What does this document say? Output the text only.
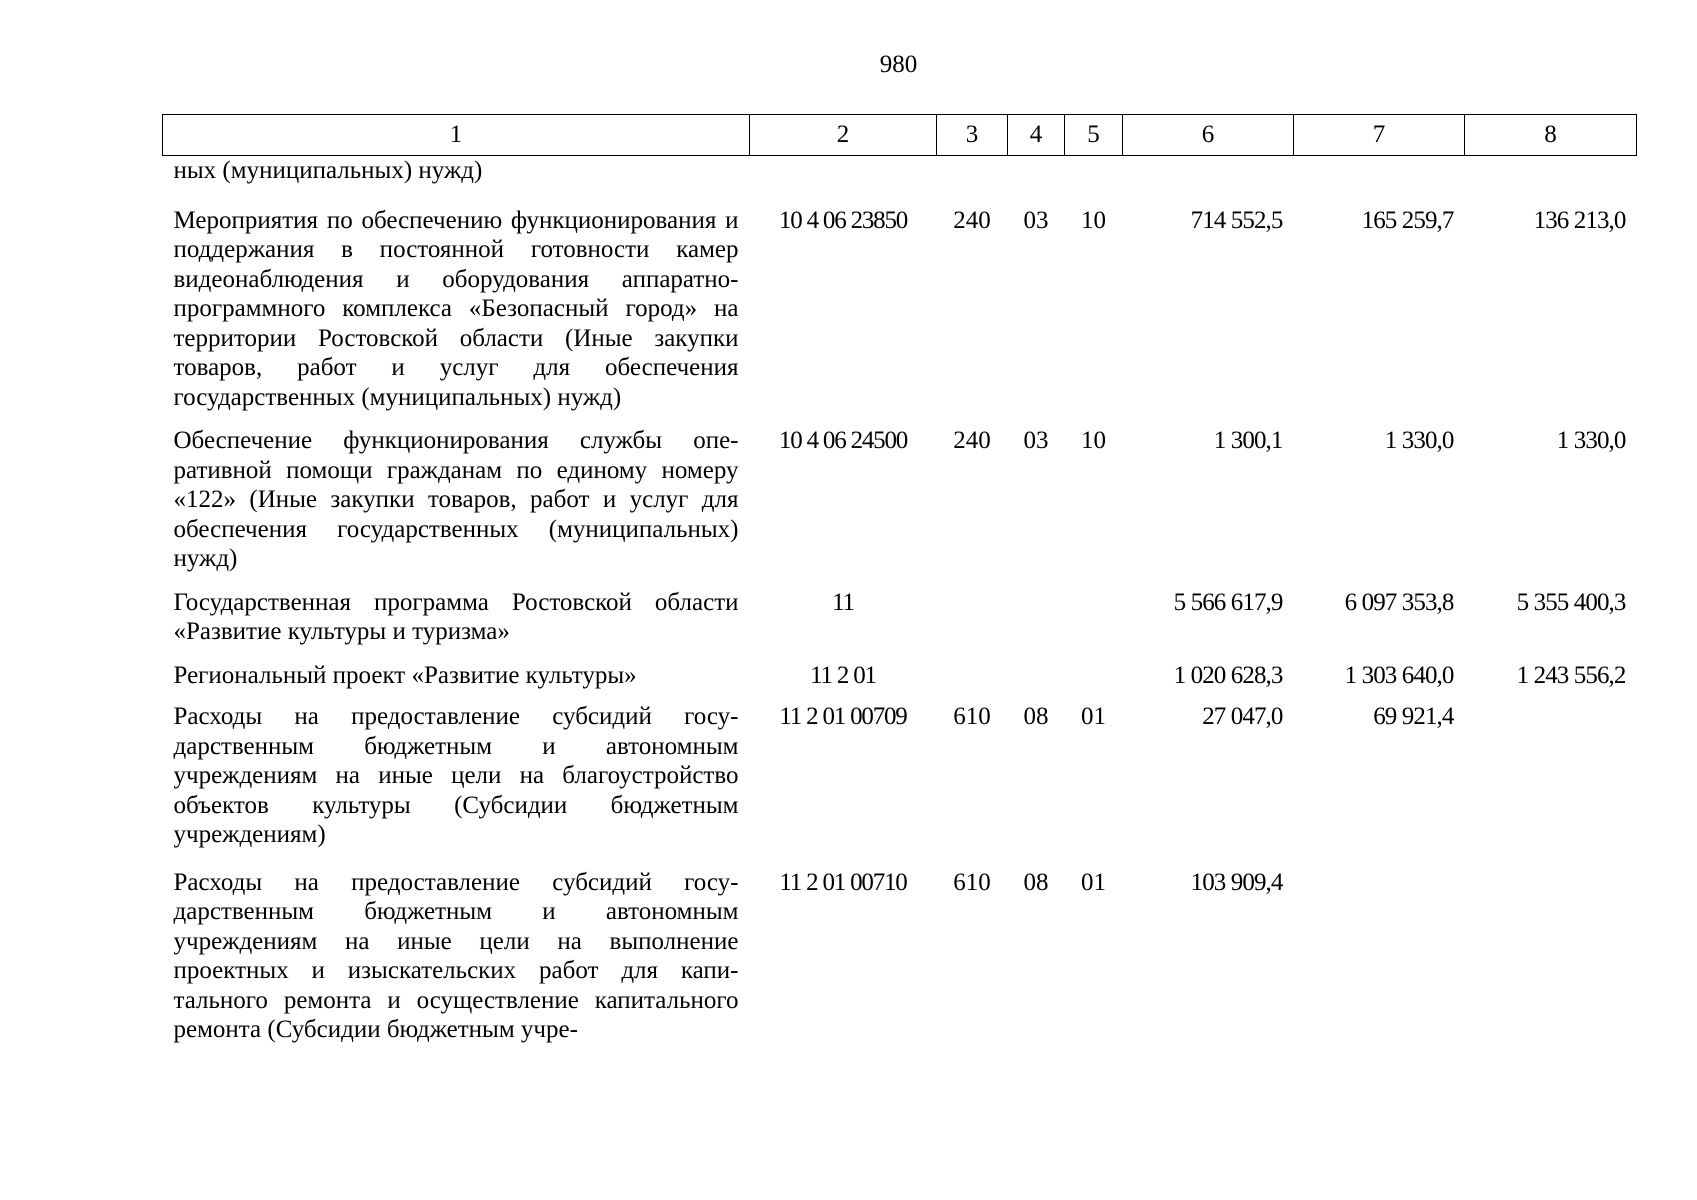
980
1	2	3	4	5	6	7	8
ных (муниципальных) нужд)							
Мероприятия по обеспечению функционирования и поддержания в постоянной готовности камер видеонаблюдения и оборудования аппаратно-программного комплекса «Безопасный город» на территории Ростовской области (Иные закупки товаров, работ и услуг для обеспечения государственных (муниципальных) нужд)	10 4 06 23850	240	03	10	714 552,5	165 259,7	136 213,0
Обеспечение функционирования службы оперативной помощи гражданам по единому номеру «122» (Иные закупки товаров, работ и услуг для обеспечения государственных (муниципальных) нужд)	10 4 06 24500	240	03	10	1 300,1	1 330,0	1 330,0
Государственная программа Ростовской области «Развитие культуры и туризма»	11				5 566 617,9	6 097 353,8	5 355 400,3
Региональный проект «Развитие культуры»	11 2 01				1 020 628,3	1 303 640,0	1 243 556,2
Расходы на предоставление субсидий государственным бюджетным и автономным учреждениям на иные цели на благоустройство объектов культуры (Субсидии бюджетным учреждениям)	11 2 01 00709	610	08	01	27 047,0	69 921,4	
Расходы на предоставление субсидий государственным бюджетным и автономным учреждениям на иные цели на выполнение проектных и изыскательских работ для капитального ремонта и осуществление капитального ремонта (Субсидии бюджетным учре-	11 2 01 00710	610	08	01	103 909,4		
